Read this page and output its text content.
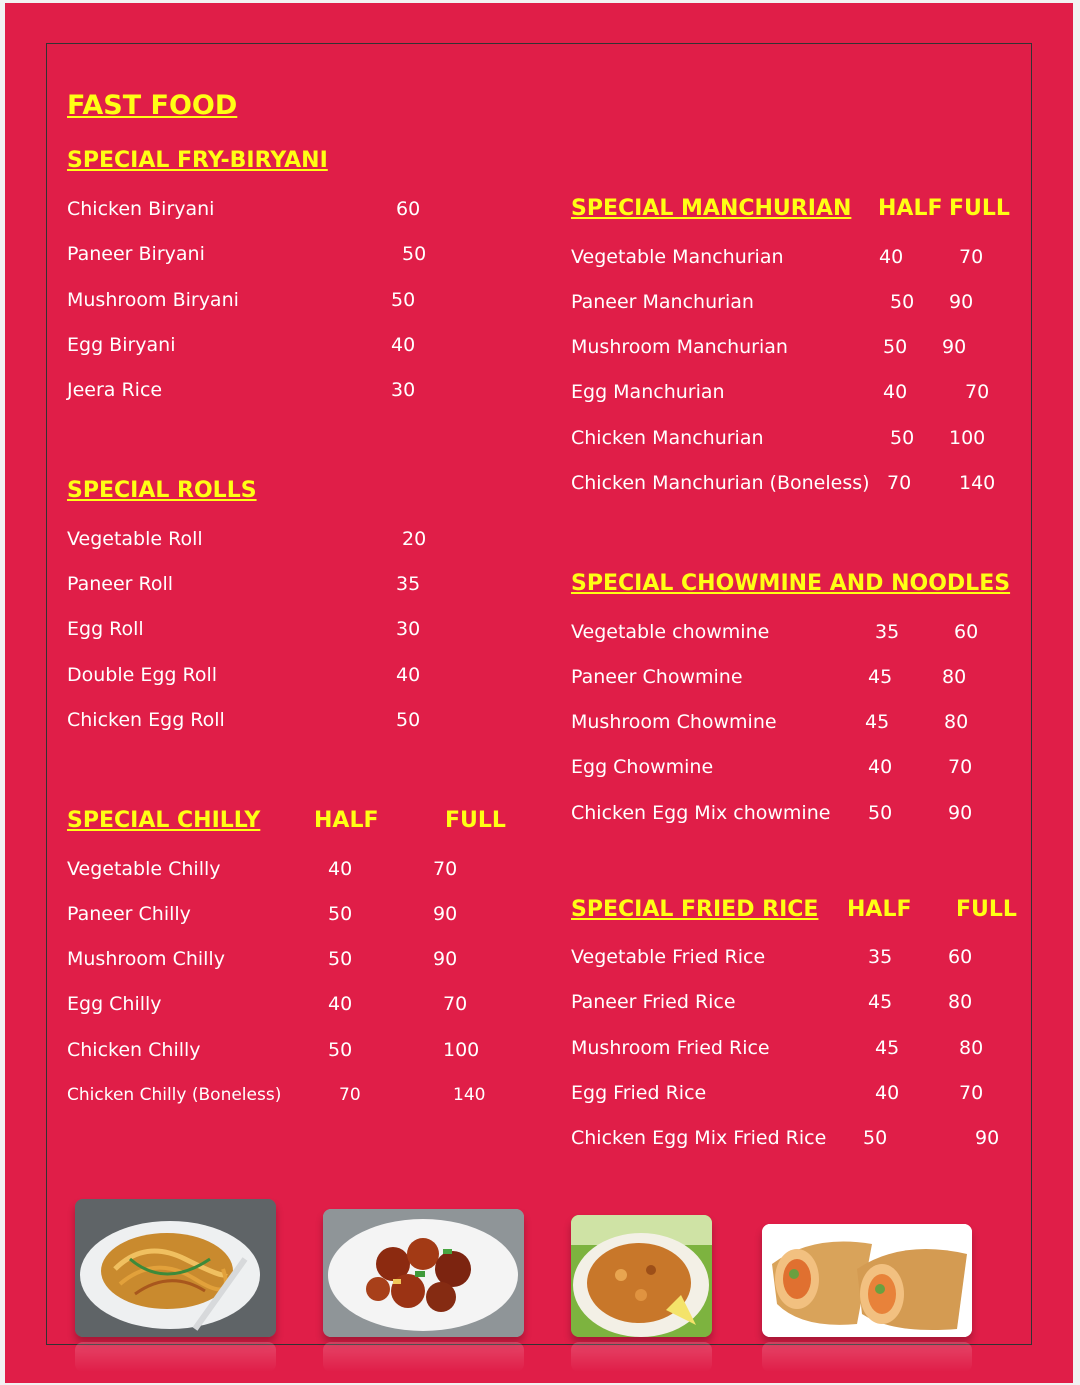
FAST FOOD
SPECIAL FRY-BIRYANI
Chicken Biryani	60
Paneer Biryani	50
Mushroom Biryani	50
Egg Biryani	40
Jeera Rice	30
SPECIAL ROLLS
Vegetable Roll	20
Paneer Roll	35
Egg Roll	30
Double Egg Roll	40
Chicken Egg Roll	50
SPECIAL CHILLY HALF	FULL
Vegetable Chilly	40	70
Paneer Chilly	50	90
Mushroom Chilly	50	90
Egg Chilly	40	70
Chicken Chilly	50	100
Chicken Chilly (Boneless)	70	140
SPECIAL MANCHURIAN HALF FULL
Vegetable Manchurian	40	70
Paneer Manchurian	50 90
Mushroom Manchurian	50 90
Egg Manchurian	40	70
Chicken Manchurian	50 100
Chicken Manchurian (Boneless) 70	140
SPECIAL CHOWMINE AND NOODLES
Vegetable chowmine	35	60
Paneer Chowmine	45	80
Mushroom Chowmine	45	80
Egg Chowmine	40	70
Chicken Egg Mix chowmine 50	90
SPECIAL FRIED RICE HALF FULL
Vegetable Fried Rice	35	60
Paneer Fried Rice	45	80
Mushroom Fried Rice	45	80
Egg Fried Rice	40	70
Chicken Egg Mix Fried Rice 50	90
